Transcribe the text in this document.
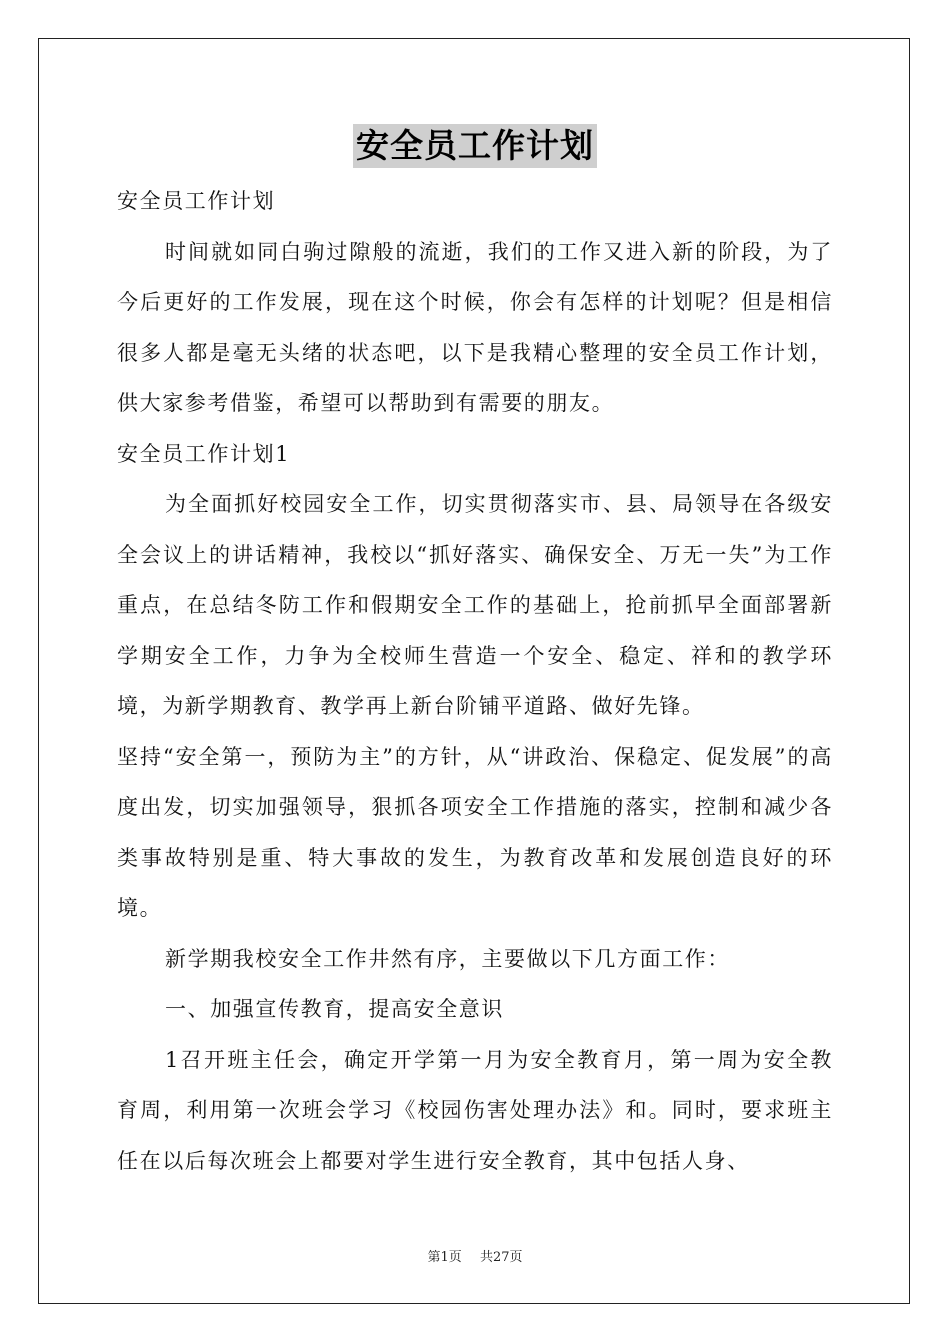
安全员工作计划

安全员工作计划

时间就如同白驹过隙般的流逝，我们的工作又进入新的阶段，为了今后更好的工作发展，现在这个时候，你会有怎样的计划呢？但是相信很多人都是毫无头绪的状态吧，以下是我精心整理的安全员工作计划，供大家参考借鉴，希望可以帮助到有需要的朋友。

安全员工作计划1

为全面抓好校园安全工作，切实贯彻落实市、县、局领导在各级安全会议上的讲话精神，我校以“抓好落实、确保安全、万无一失”为工作重点，在总结冬防工作和假期安全工作的基础上，抢前抓早全面部署新学期安全工作，力争为全校师生营造一个安全、稳定、祥和的教学环境，为新学期教育、教学再上新台阶铺平道路、做好先锋。

坚持“安全第一，预防为主”的方针，从“讲政治、保稳定、促发展”的高度出发，切实加强领导，狠抓各项安全工作措施的落实，控制和减少各类事故特别是重、特大事故的发生，为教育改革和发展创造良好的环境。

新学期我校安全工作井然有序，主要做以下几方面工作：

一、加强宣传教育，提高安全意识

1召开班主任会，确定开学第一月为安全教育月，第一周为安全教育周，利用第一次班会学习《校园伤害处理办法》和。同时，要求班主任在以后每次班会上都要对学生进行安全教育，其中包括人身、

第1页 共27页
